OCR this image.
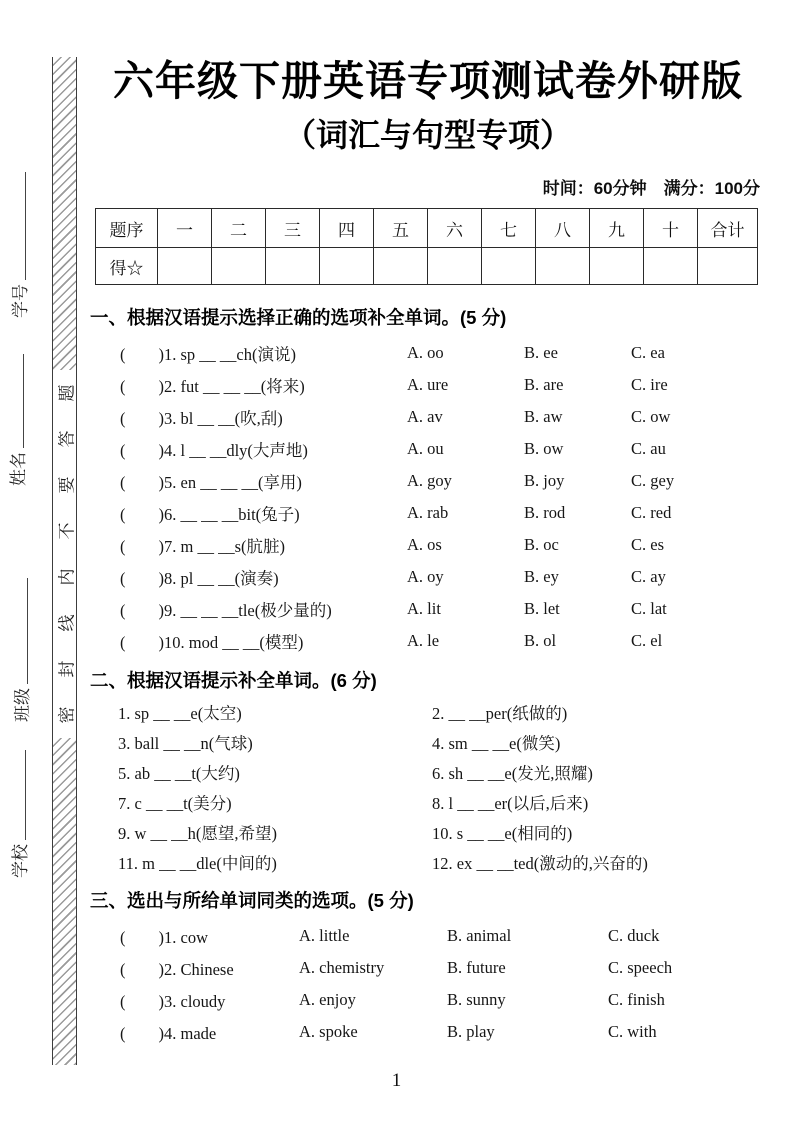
学号
姓名
班级
学校
题
答
要
不
内
线
封
密
六年级下册英语专项测试卷外研版
（词汇与句型专项）
时间：60分钟　满分：100分
题序	一	二	三	四	五	六	七	八	九	十	合计
得☆											
一、根据汉语提示选择正确的选项补全单词。(5 分)
(　　)1. sp __ __ch(演说)	A. oo	B. ee	C. ea
(　　)2. fut __ __ __(将来)	A. ure	B. are	C. ire
(　　)3. bl __ __(吹,刮)	A. av	B. aw	C. ow
(　　)4. l __ __dly(大声地)	A. ou	B. ow	C. au
(　　)5. en __ __ __(享用)	A. goy	B. joy	C. gey
(　　)6. __ __ __bit(兔子)	A. rab	B. rod	C. red
(　　)7. m __ __s(肮脏)	A. os	B. oc	C. es
(　　)8. pl __ __(演奏)	A. oy	B. ey	C. ay
(　　)9. __ __ __tle(极少量的)	A. lit	B. let	C. lat
(　　)10. mod __ __(模型)	A. le	B. ol	C. el
二、根据汉语提示补全单词。(6 分)
1. sp __ __e(太空)	2. __ __per(纸做的)
3. ball __ __n(气球)	4. sm __ __e(微笑)
5. ab __ __t(大约)	6. sh __ __e(发光,照耀)
7. c __ __t(美分)	8. l __ __er(以后,后来)
9. w __ __h(愿望,希望)	10. s __ __e(相同的)
11. m __ __dle(中间的)	12. ex __ __ted(激动的,兴奋的)
三、选出与所给单词同类的选项。(5 分)
(　　)1. cow	A. little	B. animal	C. duck
(　　)2. Chinese	A. chemistry	B. future	C. speech
(　　)3. cloudy	A. enjoy	B. sunny	C. finish
(　　)4. made	A. spoke	B. play	C. with
1
